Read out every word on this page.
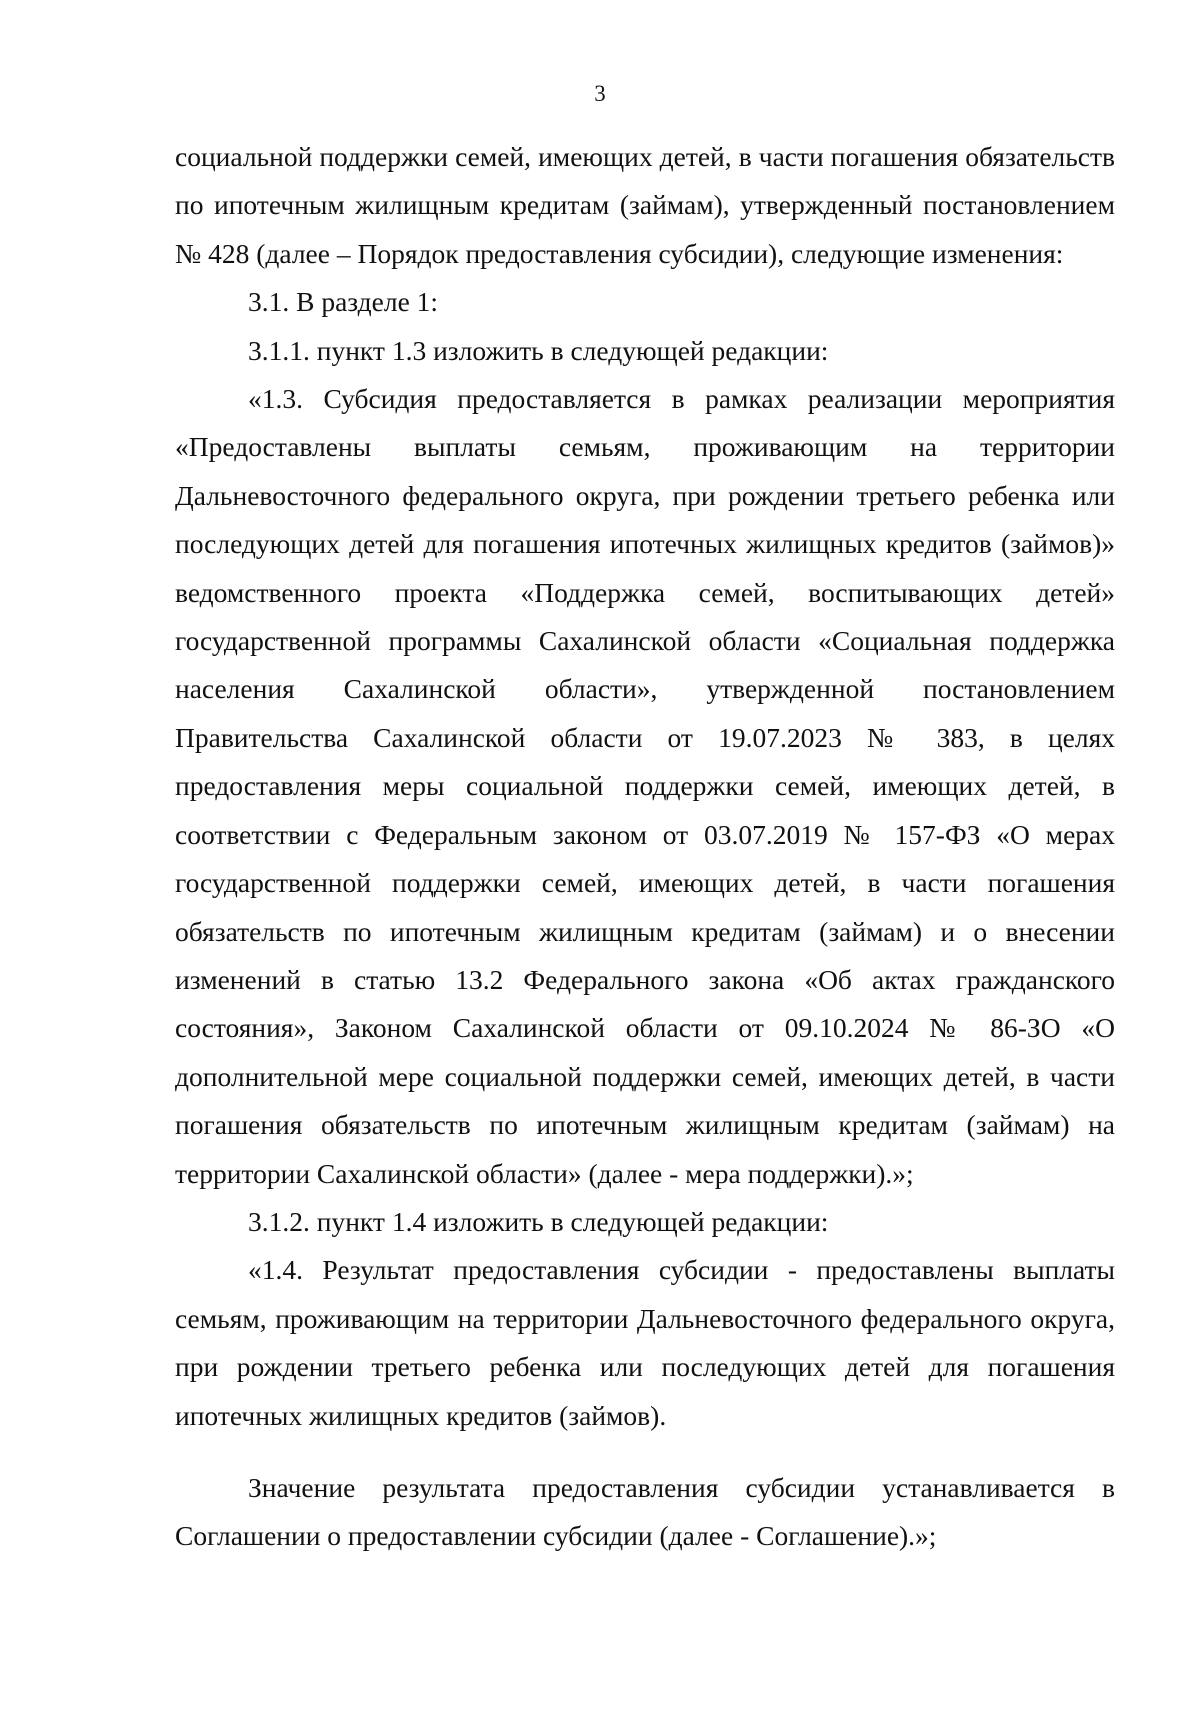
3

социальной поддержки семей, имеющих детей, в части погашения обязательств по ипотечным жилищным кредитам (займам), утвержденный постановлением № 428 (далее – Порядок предоставления субсидии), следующие изменения:

3.1. В разделе 1:

3.1.1. пункт 1.3 изложить в следующей редакции:

«1.3. Субсидия предоставляется в рамках реализации мероприятия «Предоставлены выплаты семьям, проживающим на территории Дальневосточного федерального округа, при рождении третьего ребенка или последующих детей для погашения ипотечных жилищных кредитов (займов)» ведомственного проекта «Поддержка семей, воспитывающих детей» государственной программы Сахалинской области «Социальная поддержка населения Сахалинской области», утвержденной постановлением Правительства Сахалинской области от 19.07.2023 № 383, в целях предоставления меры социальной поддержки семей, имеющих детей, в соответствии с Федеральным законом от 03.07.2019 № 157-ФЗ «О мерах государственной поддержки семей, имеющих детей, в части погашения обязательств по ипотечным жилищным кредитам (займам) и о внесении изменений в статью 13.2 Федерального закона «Об актах гражданского состояния», Законом Сахалинской области от 09.10.2024 № 86-ЗО «О дополнительной мере социальной поддержки семей, имеющих детей, в части погашения обязательств по ипотечным жилищным кредитам (займам) на территории Сахалинской области» (далее - мера поддержки).»;

3.1.2. пункт 1.4 изложить в следующей редакции:

«1.4. Результат предоставления субсидии - предоставлены выплаты семьям, проживающим на территории Дальневосточного федерального округа, при рождении третьего ребенка или последующих детей для погашения ипотечных жилищных кредитов (займов).

Значение результата предоставления субсидии устанавливается в Соглашении о предоставлении субсидии (далее - Соглашение).»;
